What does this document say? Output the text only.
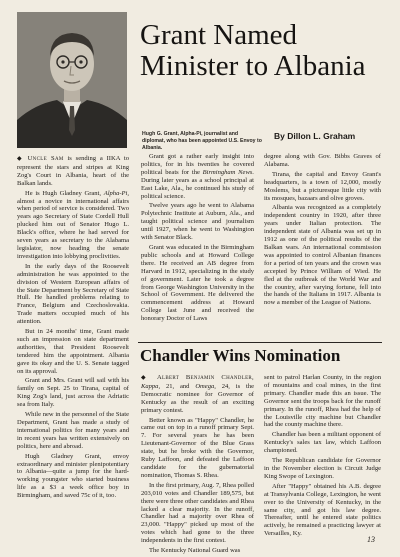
Grant Named Minister to Albania
Hugh G. Grant, Alpha-Pi, journalist and diplomat, who has been appointed U.S. Envoy to Albania.
By Dillon L. Graham

◆ Uncle Sam is sending a IIKA to represent the stars and stripes at King Zog's Court in Albania, heart of the Balkan lands.

He is Hugh Gladney Grant, Alpha-Pi, almost a novice in international affairs when period of service is considered. Two years ago Secretary of State Cordell Hull plucked him out of Senator Hugo L. Black's office, where he had served for seven years as secretary to the Alabama legislator, now heading the senate investigation into lobbying proclivities.

In the early days of the Roosevelt administration he was appointed to the division of Western European affairs of the State Department by Secretary of State Hull. He handled problems relating to France, Belgium and Czechoslovakia. Trade matters occupied much of his attention.

But in 24 months' time, Grant made such an impression on state department authorities, that President Roosevelt tendered him the appointment. Albania gave its okay and the U. S. Senate tagged on its approval.

Grant and Mrs. Grant will sail with his family on Sept. 25 to Tirana, capital of King Zog's land, just across the Adriatic sea from Italy.

While new in the personnel of the State Department, Grant has made a study of international politics for many years and in recent years has written extensively on politics, here and abroad.

Hugh Gladney Grant, envoy extraordinary and minister plenipotentiary to Albania—quite a jump for the hard-working youngster who started business life as a $3 a week office boy in Birmingham, and saved 75c of it, too.

Grant got a rather early insight into politics, for in his twenties he covered political beats for the Birmingham News. During later years as a school principal at East Lake, Ala., he continued his study of political science.

Twelve years ago he went to Alabama Polytechnic Institute at Auburn, Ala., and taught political science and journalism until 1927, when he went to Washington with Senator Black.

Grant was educated in the Birmingham public schools and at Howard College there. He received an AB degree from Harvard in 1912, specializing in the study of government. Later he took a degree from George Washington University in the School of Government. He delivered the commencement address at Howard College last June and received the honorary Doctor of Laws

degree along with Gov. Bibbs Graves of Alabama.

Tirana, the capital and Envoy Grant's headquarters, is a town of 12,000, mostly Moslems, but a picturesque little city with its mosques, bazaars and olive groves.

Albania was recognized as a completely independent country in 1920, after three years under Italian protection. The independent state of Albania was set up in 1912 as one of the political results of the Balkan wars. An international commission was appointed to control Albanian finances for a period of ten years and the crown was accepted by Prince William of Wied. He fled at the outbreak of the World War and the country, after varying fortune, fell into the hands of the Italians in 1917. Albania is now a member of the League of Nations.

Chandler Wins Nomination

◆ Albert Benjamin Chandler, Kappa, 21, and Omega, 24, is the Democratic nominee for Governor of Kentucky as the result of an exciting primary contest.

Better known as "Happy" Chandler, he came out on top in a runoff primary Sept. 7. For several years he has been Lieutenant-Governor of the Blue Grass state, but he broke with the Governor, Ruby Laffoon, and defeated the Laffoon candidate for the gubernatorial nomination, Thomas S. Rhea.

In the first primary, Aug. 7, Rhea polled 203,010 votes and Chandler 189,575, but there were three other candidates and Rhea lacked a clear majority. In the runoff, Chandler had a majority over Rhea of 23,000. "Happy" picked up most of the votes which had gone to the three independents in the first contest.

The Kentucky National Guard was

sent to patrol Harlan County, in the region of mountains and coal mines, in the first primary. Chandler made this an issue. The Governor sent the troops back for the runoff primary. In the runoff, Rhea had the help of the Louisville city machine but Chandler had the county machine there.

Chandler has been a militant opponent of Kentucky's sales tax law, which Laffoon championed.

The Republican candidate for Governor in the November election is Circuit Judge King Swope of Lexington.

After "Happy" obtained his A.B. degree at Transylvania College, Lexington, he went over to the University of Kentucky, in the same city, and got his law degree. Thereafter, until he entered state politics actively, he remained a practicing lawyer at Versailles, Ky.

13
